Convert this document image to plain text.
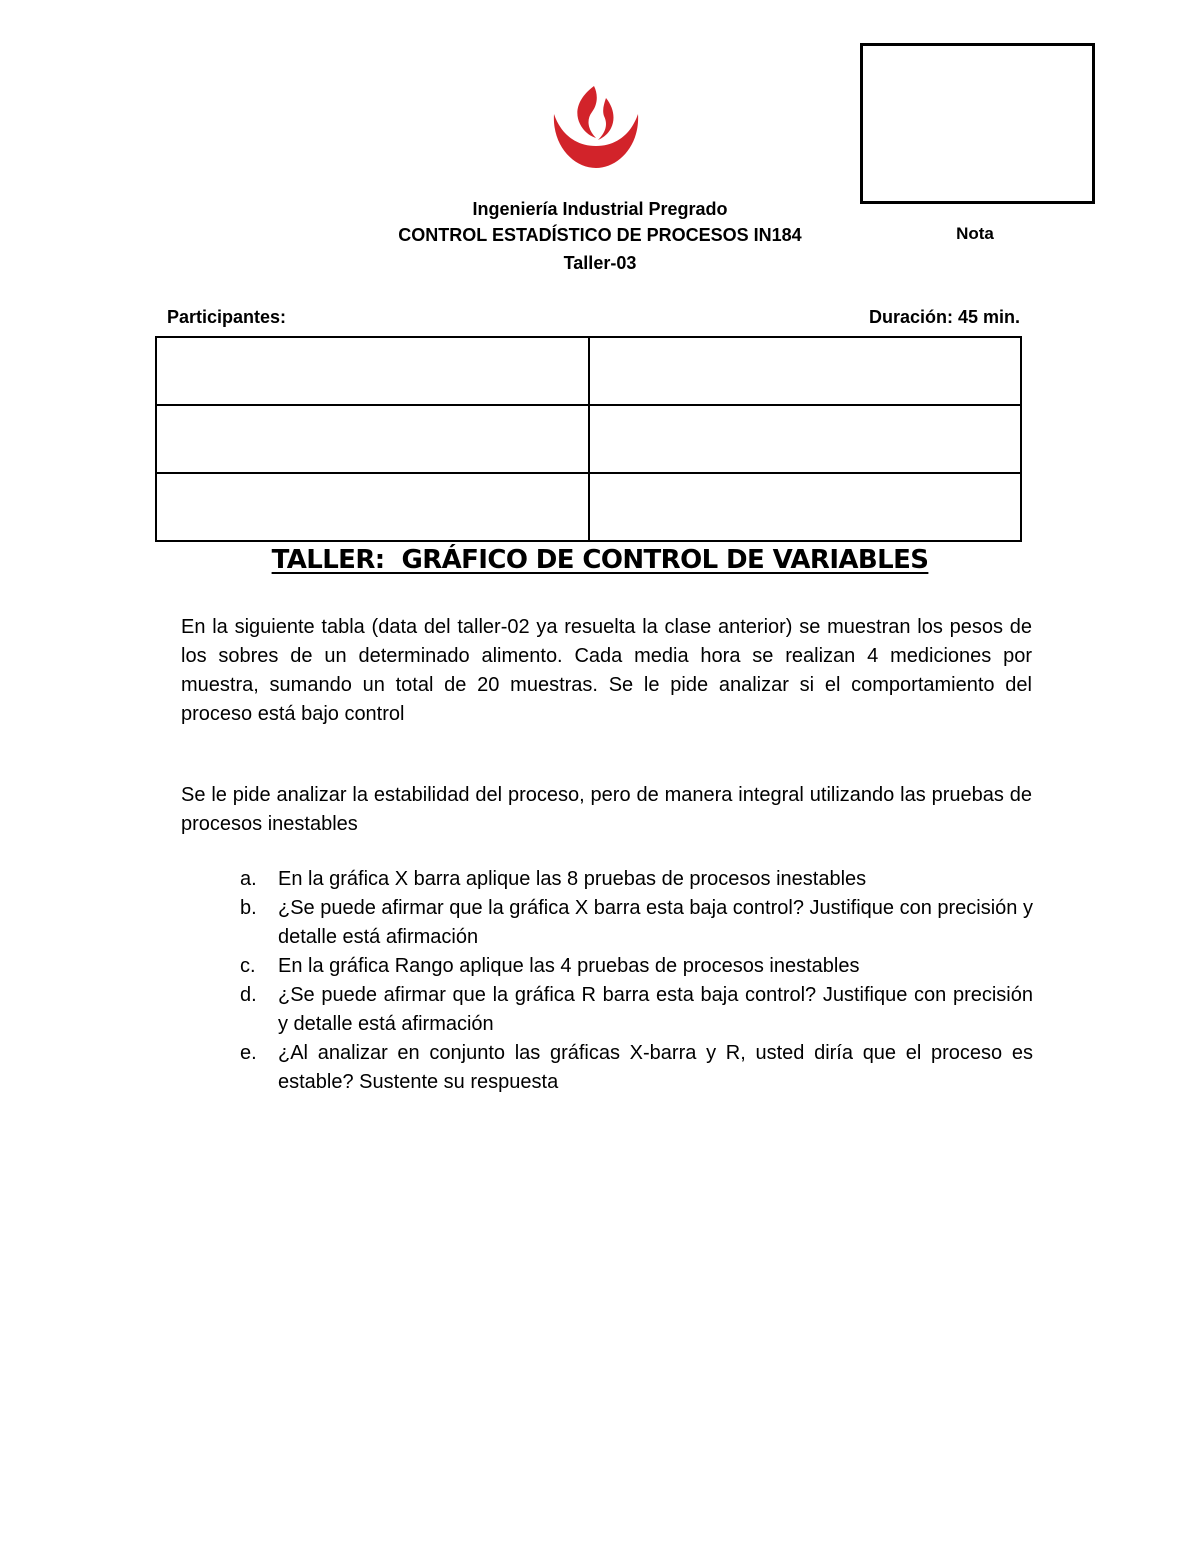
Ingeniería Industrial Pregrado
CONTROL ESTADÍSTICO DE PROCESOS IN184
Taller-03
Nota
Participantes:	Duración: 45 min.

TALLER:  GRÁFICO DE CONTROL DE VARIABLES
En la siguiente tabla (data del taller-02 ya resuelta la clase anterior) se muestran los pesos de los sobres de un determinado alimento. Cada media hora se realizan 4 mediciones por muestra, sumando un total de 20 muestras. Se le pide analizar si el comportamiento del proceso está bajo control
Se le pide analizar la estabilidad del proceso, pero de manera integral utilizando las pruebas de procesos inestables
a.	En la gráfica X barra aplique las 8 pruebas de procesos inestables
b.	¿Se puede afirmar que la gráfica X barra esta baja control? Justifique con precisión y detalle está afirmación
c.	En la gráfica Rango aplique las 4 pruebas de procesos inestables
d.	¿Se puede afirmar que la gráfica R barra esta baja control? Justifique con precisión y detalle está afirmación
e.	¿Al analizar en conjunto las gráficas X-barra y R, usted diría que el proceso es estable? Sustente su respuesta
